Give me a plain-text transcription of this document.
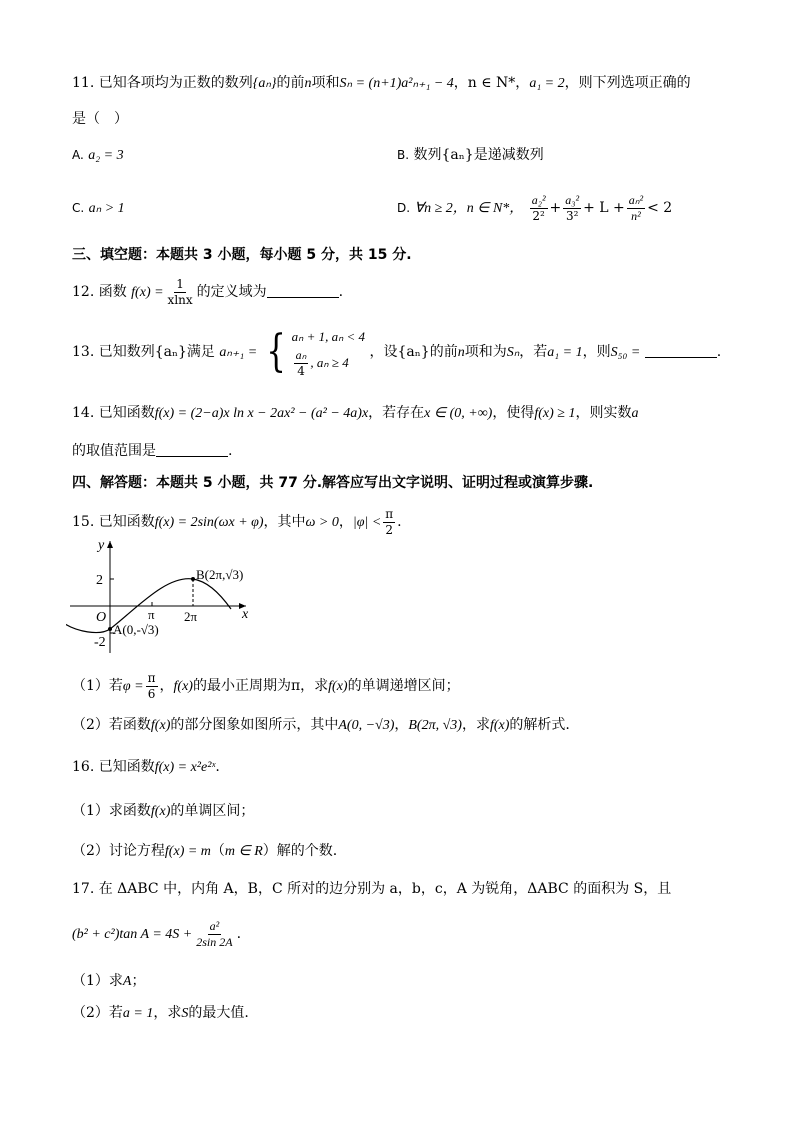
11. 已知各项均为正数的数列{aₙ}的前n项和Sₙ = (n+1)a²ₙ₊₁ − 4，n ∈ N*，a₁ = 2，则下列选项正确的
是（　）
A. a₂ = 3	B. 数列{aₙ}是递减数列
C. aₙ > 1	D. ∀n ≥ 2，n ∈ N*， $\frac{\text{a₂²}}{\text{2²}} + \frac{\text{a₃²}}{\text{3²}} + L + \frac{\text{aₙ²}}{\text{n²}} < 2$
三、填空题：本题共 3 小题，每小题 5 分，共 15 分.
12. 函数 $f(x) = \frac{1}{xlnx}$ 的定义域为	.
13. 已知数列{aₙ}满足 aₙ₊₁ = { aₙ + 1, aₙ < 4
$\frac{\text{aₙ}}{4}$ , aₙ ≥ 4
，设{aₙ}的前n项和为Sₙ，若a₁ = 1，则S₅₀ =	.
14. 已知函数f(x) = (2−a)x ln x − 2ax² − (a² − 4a)x，若存在x ∈ (0, +∞)，使得f(x) ≥ 1，则实数a
的取值范围是	.
四、解答题：本题共 5 小题，共 77 分.解答应写出文字说明、证明过程或演算步骤.
15. 已知函数f(x) = 2sin(ωx + φ)，其中ω > 0，$|\varphi| < \frac{\pi}{2}$ .
y
x
O
2
-2
π 2π
A(0,-√3)
B(2π,√3)
（1）若$\varphi = \frac{\pi}{6}$ ，f(x)的最小正周期为π，求f(x)的单调递增区间；
（2）若函数f(x)的部分图象如图所示，其中A(0, −√3)，B(2π, √3)，求f(x)的解析式.
16. 已知函数f(x) = x²e²ˣ.
（1）求函数f(x)的单调区间；
（2）讨论方程f(x) = m（m ∈ R）解的个数.
17. 在 ΔABC 中，内角 A，B，C 所对的边分别为 a，b，c，A 为锐角，ΔABC 的面积为 S，且
(b² + c²)tan $A = 4S + \frac{\text{a²}}{2\sin 2A}$ .
（1）求A；
（2）若a = 1，求S的最大值.
